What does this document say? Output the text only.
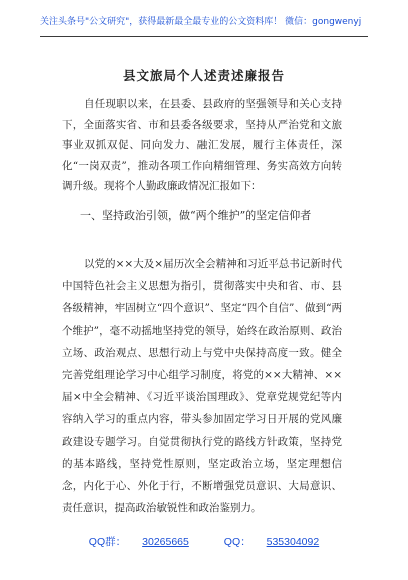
关注头条号"公文研究"，获得最新最全最专业的公文资料库！ 微信：gongwenyj
县文旅局个人述责述廉报告

自任现职以来，在县委、县政府的坚强领导和关心支持下，全面落实省、市和县委各级要求，坚持从严治党和文旅事业双抓双促、同向发力、融汇发展，履行主体责任，深化“一岗双责”，推动各项工作向精细管理、务实高效方向转调升级。现将个人勤政廉政情况汇报如下：

一、坚持政治引领，做“两个维护”的坚定信仰者

以党的××大及×届历次全会精神和习近平总书记新时代中国特色社会主义思想为指引，贯彻落实中央和省、市、县各级精神，牢固树立“四个意识”、坚定“四个自信”、做到“两个维护”，毫不动摇地坚持党的领导，始终在政治原则、政治立场、政治观点、思想行动上与党中央保持高度一致。健全完善党组理论学习中心组学习制度，将党的××大精神、××届×中全会精神、《习近平谈治国理政》、党章党规党纪等内容纳入学习的重点内容，带头参加固定学习日开展的党风廉政建设专题学习。自觉贯彻执行党的路线方针政策，坚持党的基本路线，坚持党性原则，坚定政治立场，坚定理想信念，内化于心、外化于行，不断增强党员意识、大局意识、责任意识，提高政治敏锐性和政治鉴别力。

QQ群： 30265665	QQ： 535304092
